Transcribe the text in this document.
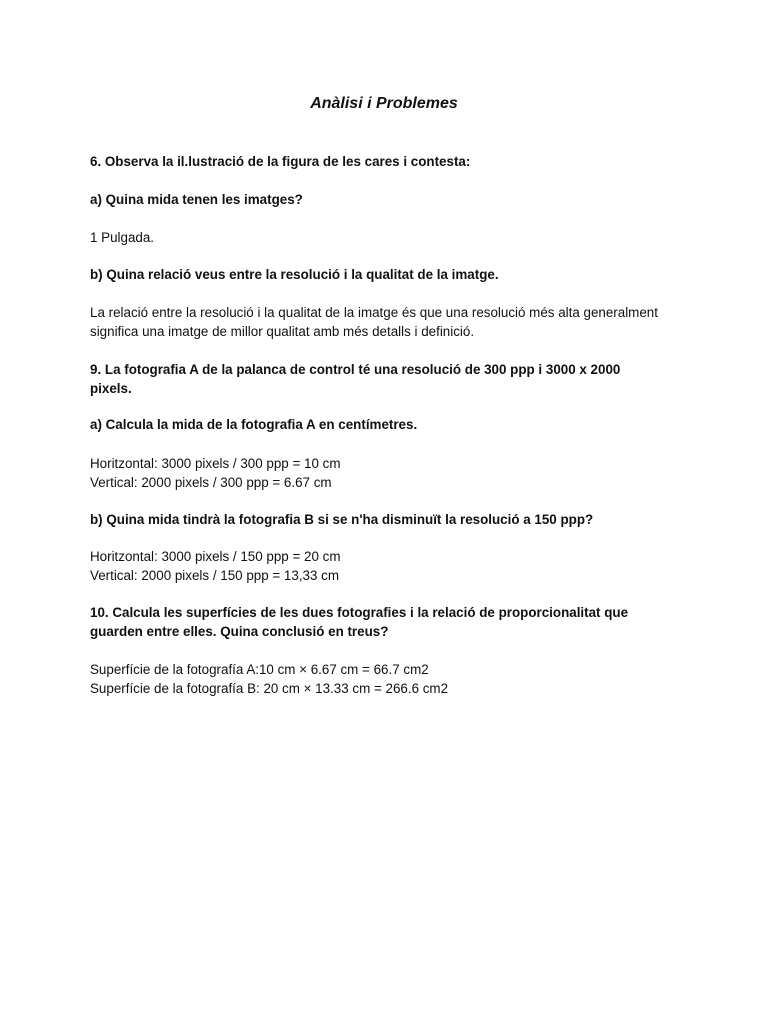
Anàlisi i Problemes

6. Observa la il.lustració de la figura de les cares i contesta:

a) Quina mida tenen les imatges?

1 Pulgada.

b) Quina relació veus entre la resolució i la qualitat de la imatge.

La relació entre la resolució i la qualitat de la imatge és que una resolució més alta generalment

significa una imatge de millor qualitat amb més detalls i definició.

9. La fotografia A de la palanca de control té una resolució de 300 ppp i 3000 x 2000

pixels.

a) Calcula la mida de la fotografia A en centímetres.

Horitzontal: 3000 pixels / 300 ppp = 10 cm

Vertical: 2000 pixels / 300 ppp = 6.67 cm

b) Quina mida tindrà la fotografia B si se n'ha disminuït la resolució a 150 ppp?

Horitzontal: 3000 pixels / 150 ppp = 20 cm

Vertical: 2000 pixels / 150 ppp = 13,33 cm

10. Calcula les superfícies de les dues fotografies i la relació de proporcionalitat que

guarden entre elles. Quina conclusió en treus?

Superfície de la fotografía A:10 cm × 6.67 cm = 66.7 cm2

Superfície de la fotografía B: 20 cm × 13.33 cm = 266.6 cm2
